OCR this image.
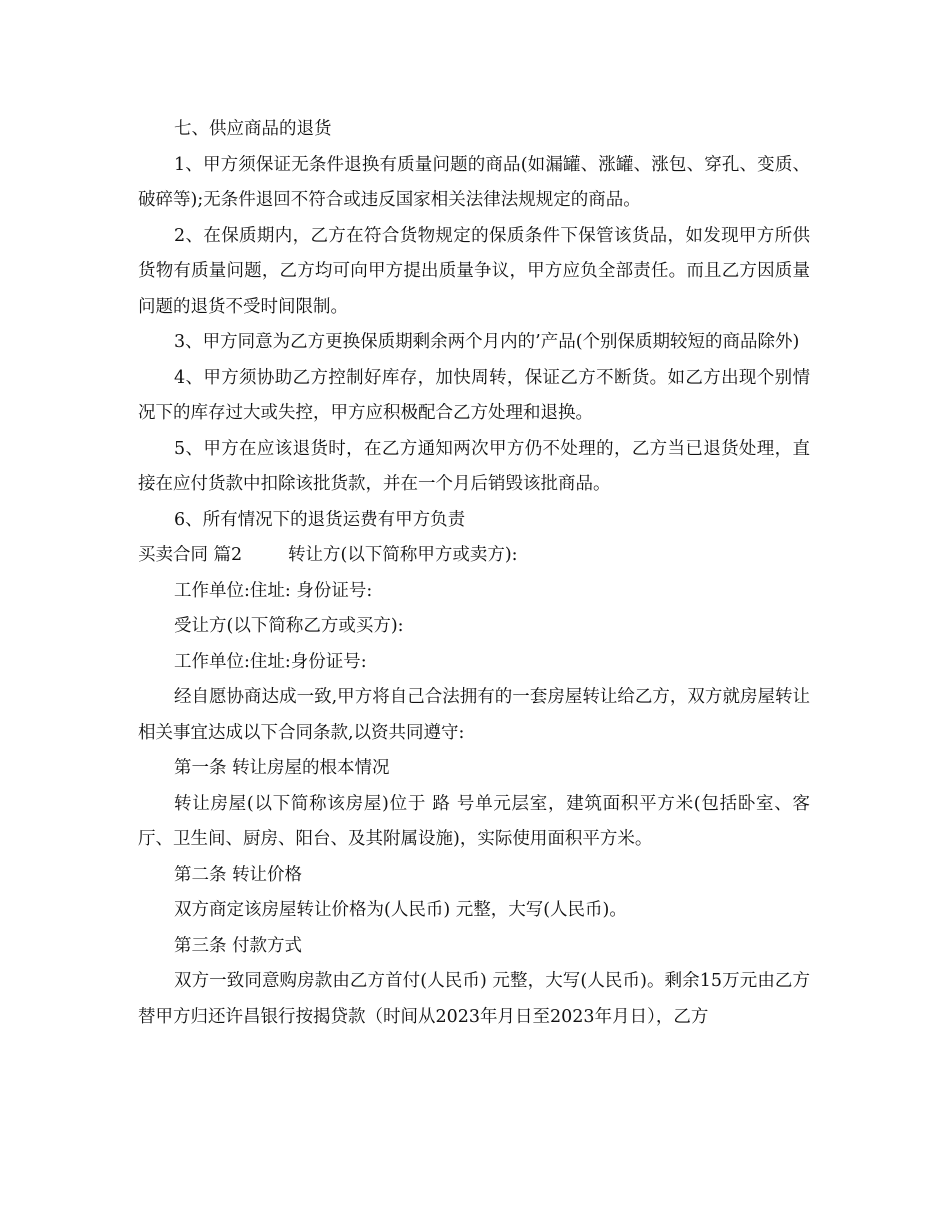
七、供应商品的退货

1、甲方须保证无条件退换有质量问题的商品(如漏罐、涨罐、涨包、穿孔、变质、破碎等);无条件退回不符合或违反国家相关法律法规规定的商品。

2、在保质期内，乙方在符合货物规定的保质条件下保管该货品，如发现甲方所供货物有质量问题，乙方均可向甲方提出质量争议，甲方应负全部责任。而且乙方因质量问题的退货不受时间限制。

3、甲方同意为乙方更换保质期剩余两个月内的’产品(个别保质期较短的商品除外)

4、甲方须协助乙方控制好库存，加快周转，保证乙方不断货。如乙方出现个别情况下的库存过大或失控，甲方应积极配合乙方处理和退换。

5、甲方在应该退货时，在乙方通知两次甲方仍不处理的，乙方当已退货处理，直接在应付货款中扣除该批货款，并在一个月后销毁该批商品。

6、所有情况下的退货运费有甲方负责

买卖合同 篇2	转让方(以下简称甲方或卖方):

工作单位:住址: 身份证号:

受让方(以下简称乙方或买方):

工作单位:住址:身份证号:

经自愿协商达成一致,甲方将自己合法拥有的一套房屋转让给乙方，双方就房屋转让相关事宜达成以下合同条款,以资共同遵守:

第一条 转让房屋的根本情况

转让房屋(以下简称该房屋)位于 路 号单元层室，建筑面积平方米(包括卧室、客厅、卫生间、厨房、阳台、及其附属设施)，实际使用面积平方米。

第二条 转让价格

双方商定该房屋转让价格为(人民币) 元整，大写(人民币)。

第三条 付款方式

双方一致同意购房款由乙方首付(人民币) 元整，大写(人民币)。剩余15万元由乙方替甲方归还许昌银行按揭贷款（时间从2023年月日至2023年月日），乙方
